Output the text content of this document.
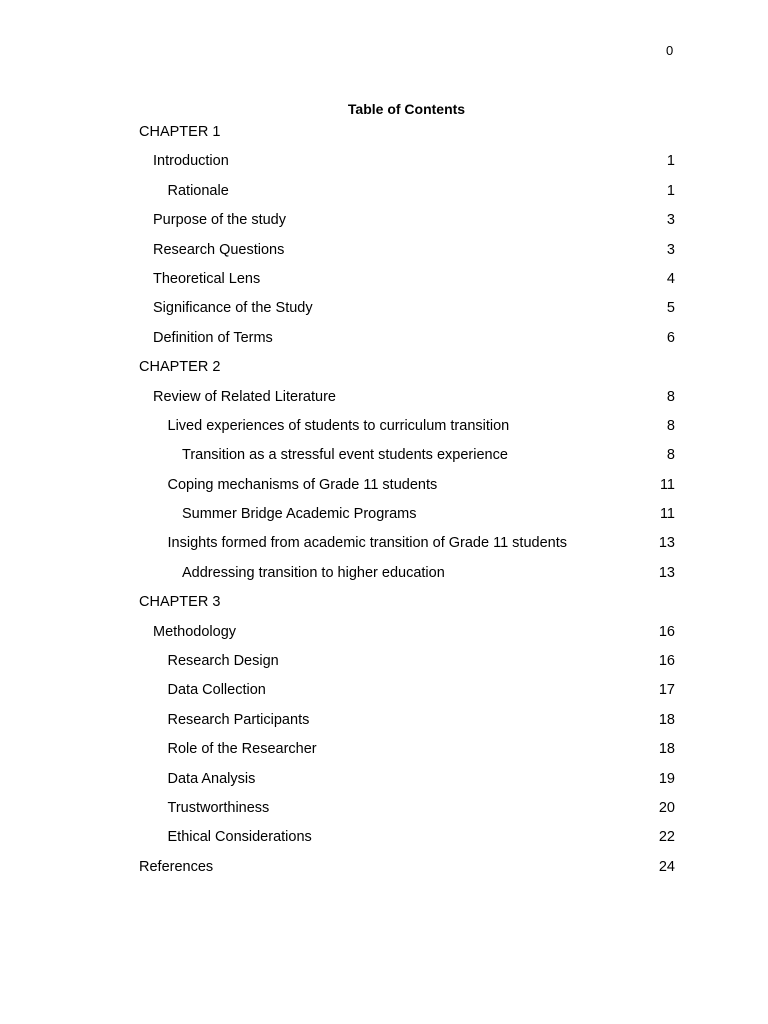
0
Table of Contents
CHAPTER 1
Introduction	1
Rationale	1
Purpose of the study	3
Research Questions	3
Theoretical Lens	4
Significance of the Study	5
Definition of Terms	6
CHAPTER 2
Review of Related Literature	8
Lived experiences of students to curriculum transition	8
Transition as a stressful event students experience	8
Coping mechanisms of Grade 11 students	11
Summer Bridge Academic Programs	11
Insights formed from academic transition of Grade 11 students	13
Addressing transition to higher education	13
CHAPTER 3
Methodology	16
Research Design	16
Data Collection	17
Research Participants	18
Role of the Researcher	18
Data Analysis	19
Trustworthiness	20
Ethical Considerations	22
References	24
